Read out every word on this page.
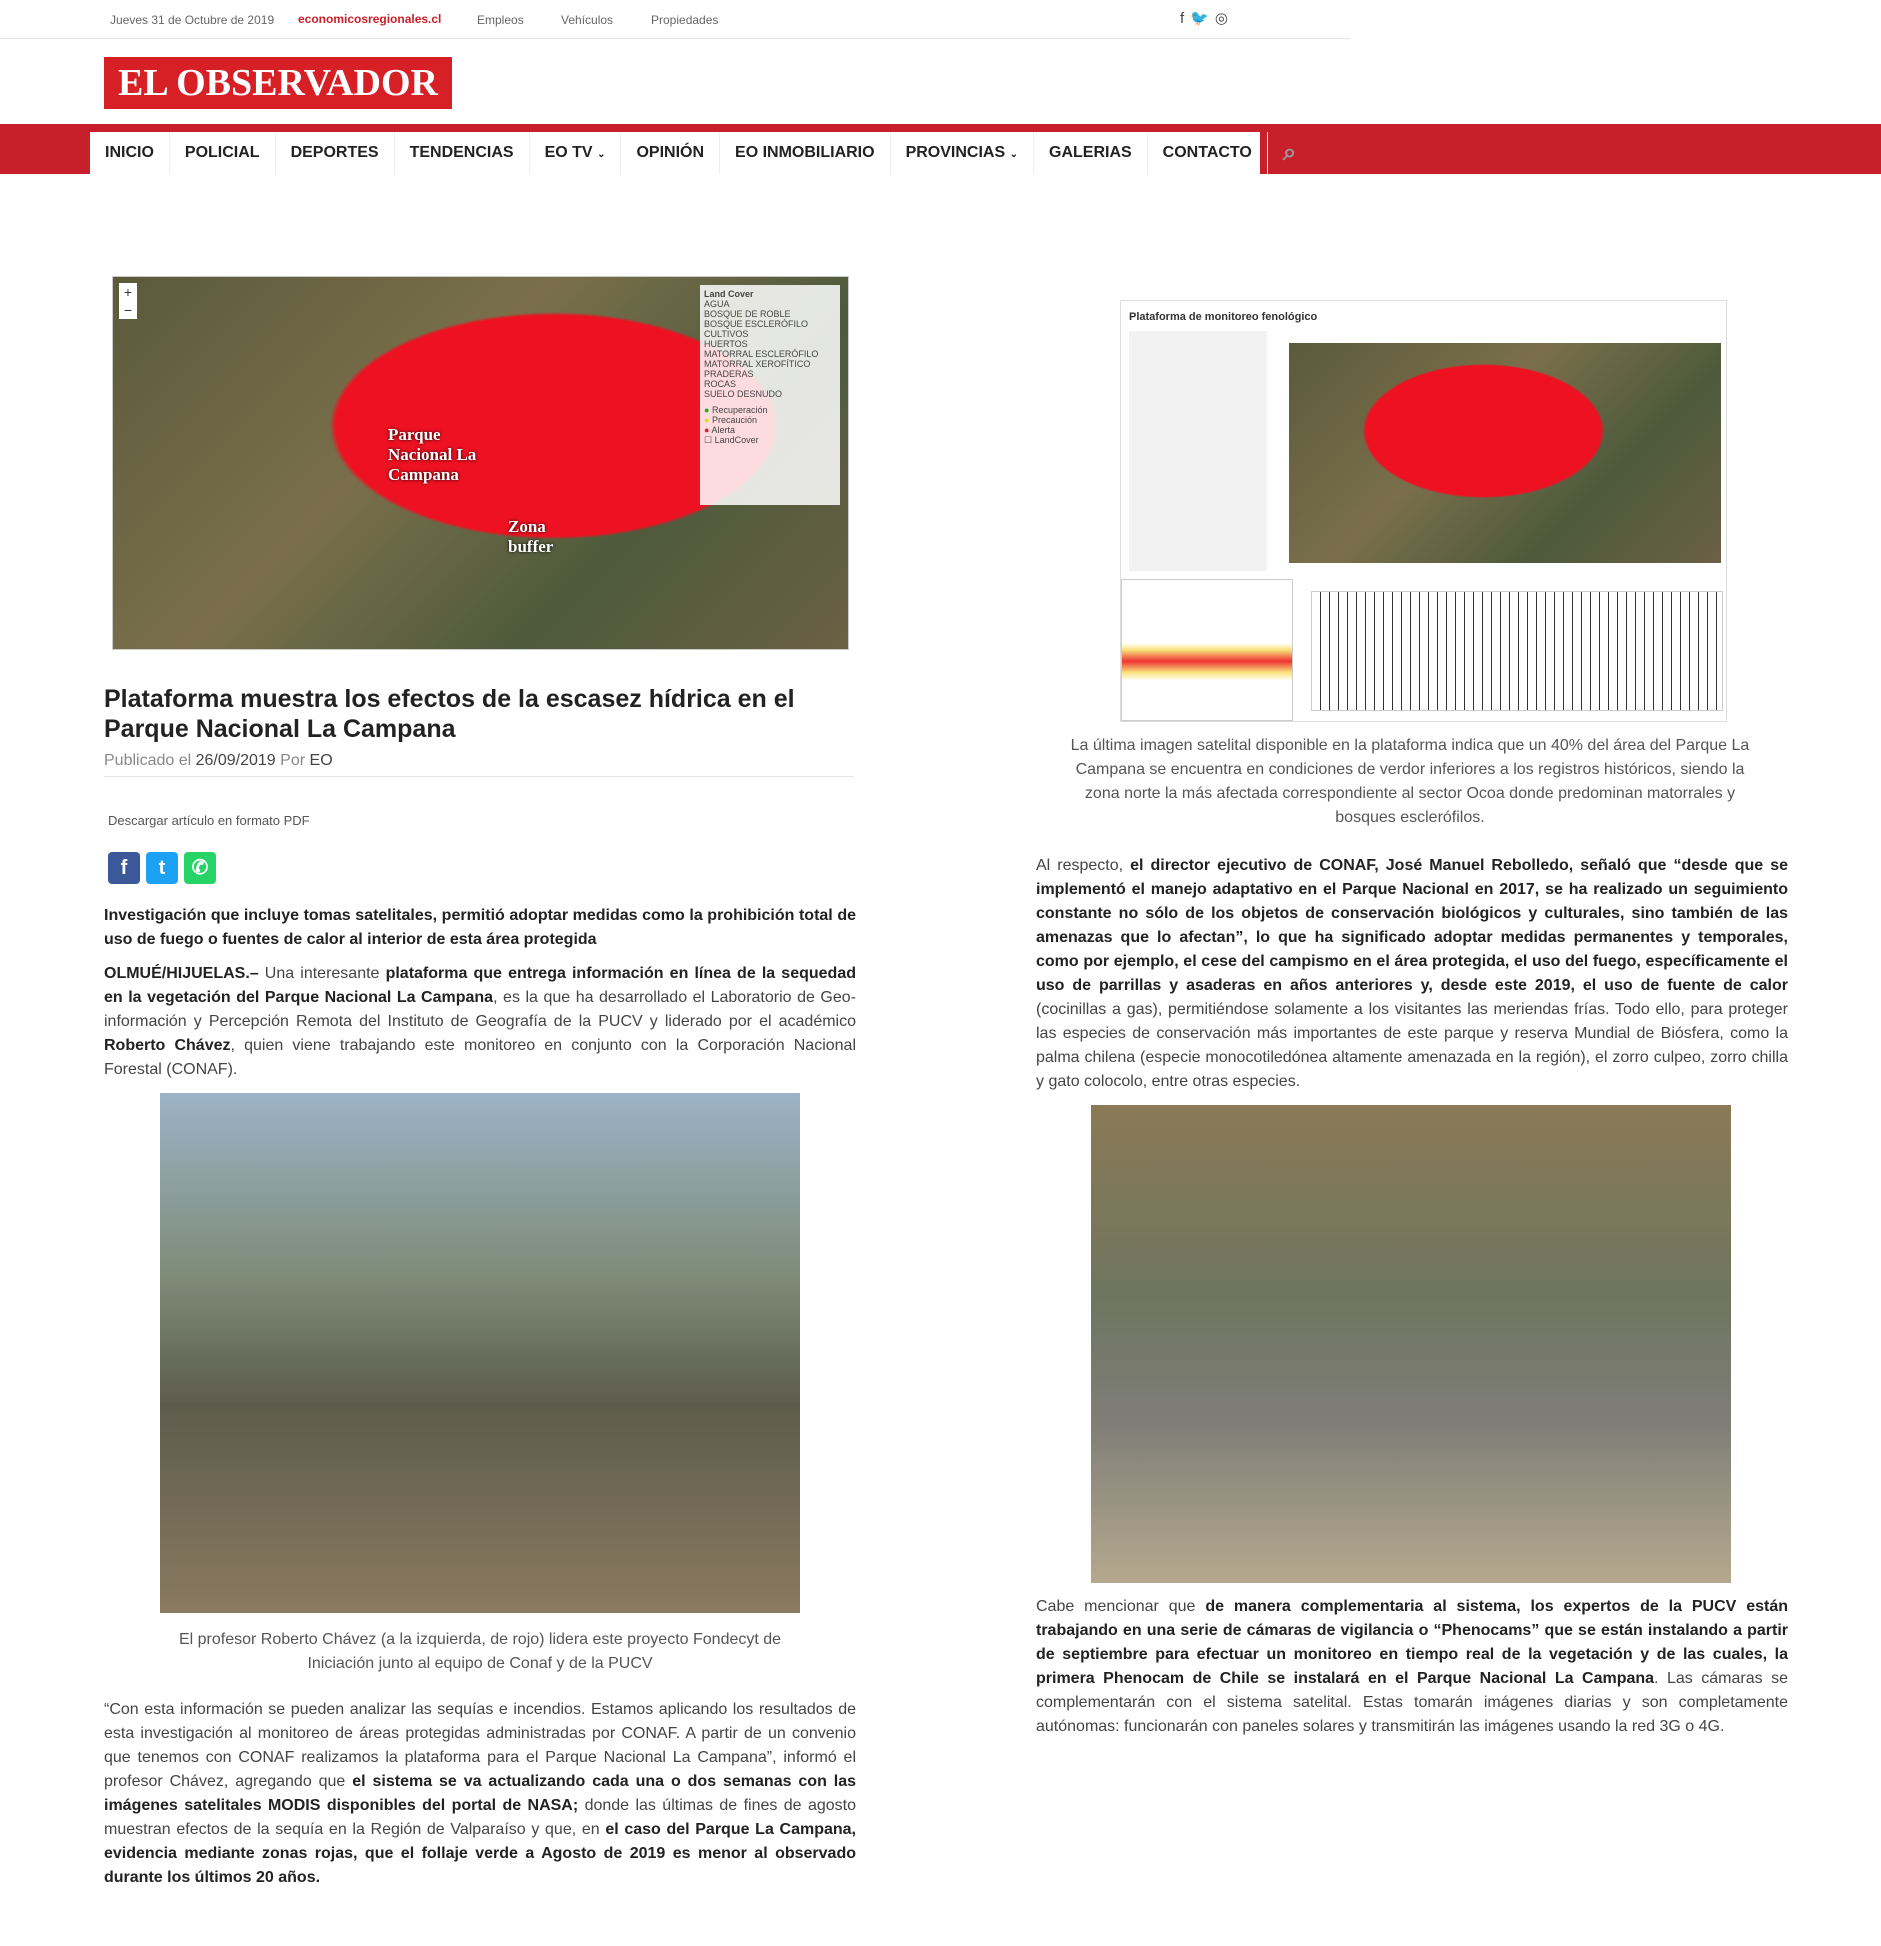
Jueves 31 de Octubre de 2019 economicosregionales.cl	Empleos	Vehículos	Propiedades	f🐦◎
EL OBSERVADOR
INICIO	POLICIAL	DEPORTES	TENDENCIAS	EO TV ⌄	OPINIÓN	EO INMOBILIARIO	PROVINCIAS ⌄	GALERIAS	CONTACTO	⌕
Land Cover
AGUA
BOSQUE DE ROBLE
BOSQUE ESCLERÓFILO
CULTIVOS
HUERTOS
MATORRAL ESCLERÓFILO
MATORRAL XEROFÍTICO
PRADERAS
ROCAS
SUELO DESNUDO
● Recuperación
● Precaución
● Alerta
☐ LandCover
Parque Nacional La Campana
Zona buffer
+
−
Plataforma muestra los efectos de la escasez hídrica en el Parque Nacional La Campana
Publicado el 26/09/2019 Por EO
Descargar artículo en formato PDF
f	t	✆

Investigación que incluye tomas satelitales, permitió adoptar medidas como la prohibición total de uso de fuego o fuentes de calor al interior de esta área protegida

OLMUÉ/HIJUELAS.– Una interesante plataforma que entrega información en línea de la sequedad en la vegetación del Parque Nacional La Campana, es la que ha desarrollado el Laboratorio de Geo-información y Percepción Remota del Instituto de Geografía de la PUCV y liderado por el académico Roberto Chávez, quien viene trabajando este monitoreo en conjunto con la Corporación Nacional Forestal (CONAF).

El profesor Roberto Chávez (a la izquierda, de rojo) lidera este proyecto Fondecyt de Iniciación junto al equipo de Conaf y de la PUCV

“Con esta información se pueden analizar las sequías e incendios. Estamos aplicando los resultados de esta investigación al monitoreo de áreas protegidas administradas por CONAF. A partir de un convenio que tenemos con CONAF realizamos la plataforma para el Parque Nacional La Campana”, informó el profesor Chávez, agregando que el sistema se va actualizando cada una o dos semanas con las imágenes satelitales MODIS disponibles del portal de NASA; donde las últimas de fines de agosto muestran efectos de la sequía en la Región de Valparaíso y que, en el caso del Parque La Campana, evidencia mediante zonas rojas, que el follaje verde a Agosto de 2019 es menor al observado durante los últimos 20 años.

Plataforma de monitoreo fenológico
La última imagen satelital disponible en la plataforma indica que un 40% del área del Parque La Campana se encuentra en condiciones de verdor inferiores a los registros históricos, siendo la zona norte la más afectada correspondiente al sector Ocoa donde predominan matorrales y bosques esclerófilos.

Al respecto, el director ejecutivo de CONAF, José Manuel Rebolledo, señaló que “desde que se implementó el manejo adaptativo en el Parque Nacional en 2017, se ha realizado un seguimiento constante no sólo de los objetos de conservación biológicos y culturales, sino también de las amenazas que lo afectan”, lo que ha significado adoptar medidas permanentes y temporales, como por ejemplo, el cese del campismo en el área protegida, el uso del fuego, específicamente el uso de parrillas y asaderas en años anteriores y, desde este 2019, el uso de fuente de calor (cocinillas a gas), permitiéndose solamente a los visitantes las meriendas frías. Todo ello, para proteger las especies de conservación más importantes de este parque y reserva Mundial de Biósfera, como la palma chilena (especie monocotiledónea altamente amenazada en la región), el zorro culpeo, zorro chilla y gato colocolo, entre otras especies.

Cabe mencionar que de manera complementaria al sistema, los expertos de la PUCV están trabajando en una serie de cámaras de vigilancia o “Phenocams” que se están instalando a partir de septiembre para efectuar un monitoreo en tiempo real de la vegetación y de las cuales, la primera Phenocam de Chile se instalará en el Parque Nacional La Campana. Las cámaras se complementarán con el sistema satelital. Estas tomarán imágenes diarias y son completamente autónomas: funcionarán con paneles solares y transmitirán las imágenes usando la red 3G o 4G.
